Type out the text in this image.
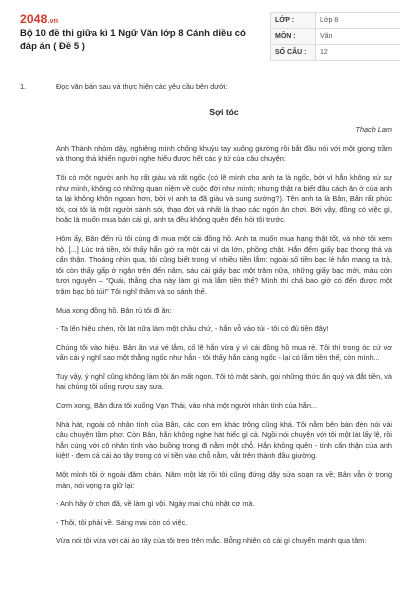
2048.vn
Bộ 10 đề thi giữa kì 1 Ngữ Văn lớp 8 Cánh diều có đáp án ( Đề 5 )
LỚP :	Lớp 8
MÔN :	Văn
SỐ CÂU :	12
1.	Đọc văn bản sau và thực hiện các yêu cầu bên dưới:

Sợi tóc

Thạch Lam

Anh Thành nhỏm dậy, nghiêng mình chống khuỷu tay xuống giường rồi bắt đầu nói với một giọng trầm và thong thả khiến người nghe hiểu được hết các ý tứ của câu chuyện:

Tôi có một người anh họ rất giàu và rất ngốc (có lẽ mình cho anh ta là ngốc, bởi vì hắn không xử sự như mình, không có những quan niệm về cuộc đời như mình; nhưng thật ra biết đâu cách ăn ở của anh ta lại không khôn ngoan hơn, bởi vì anh ta đã giàu và sung sướng?). Tên anh ta là Bân, Bân rất phúc tôi, coi tôi là một người sành sỏi, thạo đời và nhất là thạo các ngón ăn chơi. Bởi vậy, đồng có việc gì, hoặc là muốn mua bán cái gì, anh ta đều không quên đến hỏi tôi trước.

Hôm ấy, Bân đến rủ tôi cùng đi mua một cái đồng hồ. Anh ta muốn mua hạng thật tốt, và nhờ tôi xem hộ. [...] Lúc trả tiền, tôi thấy hắn giở ra một cái ví da lớn, phồng chật. Hắn đếm giấy bạc thong thả và cẩn thận. Thoáng nhìn qua, tôi cũng biết trong ví nhiều tiền lắm: ngoài số tiền bạc lẻ hắn mang ra trả, tôi còn thấy gấp ở ngăn trên đến năm, sáu cái giấy bạc một trăm nữa, những giấy bạc mới, màu còn tươi nguyên – “Quái, thằng cha này làm gì mà lắm tiền thế? Mình thì chả bao giờ có đến được một trăm bạc bỏ túi!” Tôi nghĩ thầm và so sánh thế.

Mua xong đồng hồ. Bân rủ tôi đi ăn:

- Ta lên hiệu chén, rồi lát nữa làm một chầu chứ, - hắn vỗ vào túi - tôi có đủ tiền đây!

Chúng tôi vào hiệu. Bân ăn vui vẻ lắm, cố lẽ hắn vừa ý vì cái đồng hồ mua rẻ. Tôi thì trong óc cứ vơ vẩn cái ý nghĩ sao một thằng ngốc như hắn - tôi thấy hắn càng ngốc - lại có lắm tiền thế, còn mình...

Tuy vậy, ý nghĩ cũng không làm tôi ăn mất ngon. Tôi tỏ mặt sành, gọi những thức ăn quý và đắt tiền, và hai chúng tôi uống rượu say sưa.

Cơm xong, Bân đưa tôi xuống Vạn Thái, vào nhà một người nhân tình của hắn...

Nhà hát, ngoài cô nhân tình của Bân, các con em khác trông cũng khá. Tôi nằm bên bàn đèn nói vài câu chuyện tầm phơ. Còn Bân, hắn không nghe hát hiếc gì cả. Ngồi nói chuyện với tôi một lát lấy lệ, rồi hắn cùng với cô nhân tình vào buồng trong đi nằm một chỗ. Hắn không quên - tính cẩn thận của anh kiệt! - đem cả cái áo tây trong có ví tiền vào chỗ nằm, vắt trên thành đầu giường.

Một mình tôi ở ngoài đâm chán. Năm một lát rồi tôi cũng đứng dậy sửa soạn ra về; Bân vẫn ở trong màn, nói vọng ra giữ lại:

- Anh hãy ở chơi đã, về làm gì vội. Ngày mai chủ nhật cơ mà.

- Thôi, tôi phải về. Sáng mai còn có việc.

Vừa nói tôi vừa với cái áo tây của tôi treo trên mắc. Bỗng nhiên có cái gì chuyển mạnh qua tâm:
